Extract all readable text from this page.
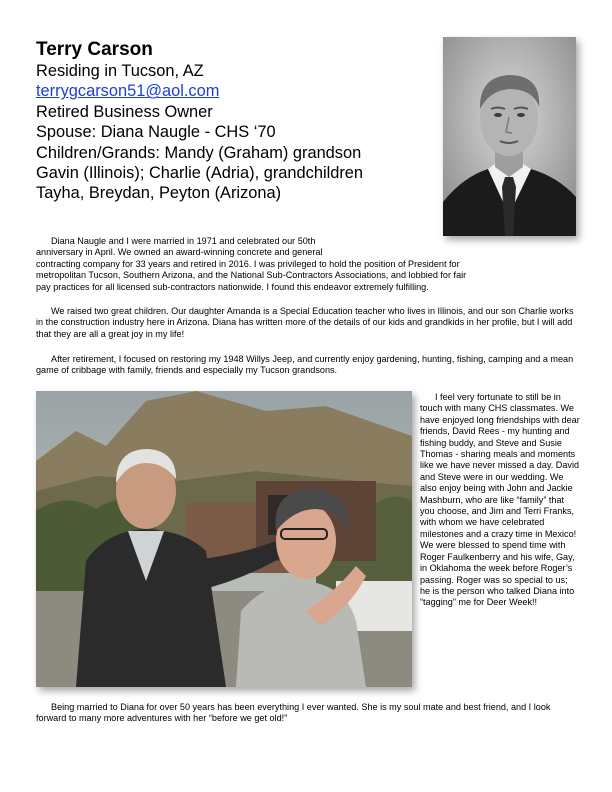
Terry Carson

Residing in Tucson, AZ

terrygcarson51@aol.com

Retired Business Owner

Spouse: Diana Naugle - CHS ‘70

Children/Grands: Mandy (Graham) grandson

Gavin (Illinois); Charlie (Adria), grandchildren

Tayha, Breydan, Peyton (Arizona)

Diana Naugle and I were married in 1971 and celebrated our 50th
anniversary in April. We owned an award-winning concrete and general
contracting company for 33 years and retired in 2016. I was privileged to hold the position of President for
metropolitan Tucson, Southern Arizona, and the National Sub-Contractors Associations, and lobbied for fair
pay practices for all licensed sub-contractors nationwide. I found this endeavor extremely fulfilling.

We raised two great children. Our daughter Amanda is a Special Education teacher who lives in Illinois, and our son Charlie works in the construction industry here in Arizona. Diana has written more of the details of our kids and grandkids in her profile, but I will add that they are all a great joy in my life!

After retirement, I focused on restoring my 1948 Willys Jeep, and currently enjoy gardening, hunting, fishing, camping and a mean game of cribbage with family, friends and especially my Tucson grandsons.

I feel very fortunate to still be in touch with many CHS classmates. We have enjoyed long friendships with dear friends, David Rees - my hunting and fishing buddy, and Steve and Susie Thomas - sharing meals and moments like we have never missed a day. David and Steve were in our wedding. We also enjoy being with John and Jackie Mashburn, who are like “family” that you choose, and Jim and Terri Franks, with whom we have celebrated milestones and a crazy time in Mexico! We were blessed to spend time with Roger Faulkenberry and his wife, Gay, in Oklahoma the week before Roger’s passing. Roger was so special to us; he is the person who talked Diana into “tagging” me for Deer Week!!

Being married to Diana for over 50 years has been everything I ever wanted. She is my soul mate and best friend, and I look forward to many more adventures with her “before we get old!”
